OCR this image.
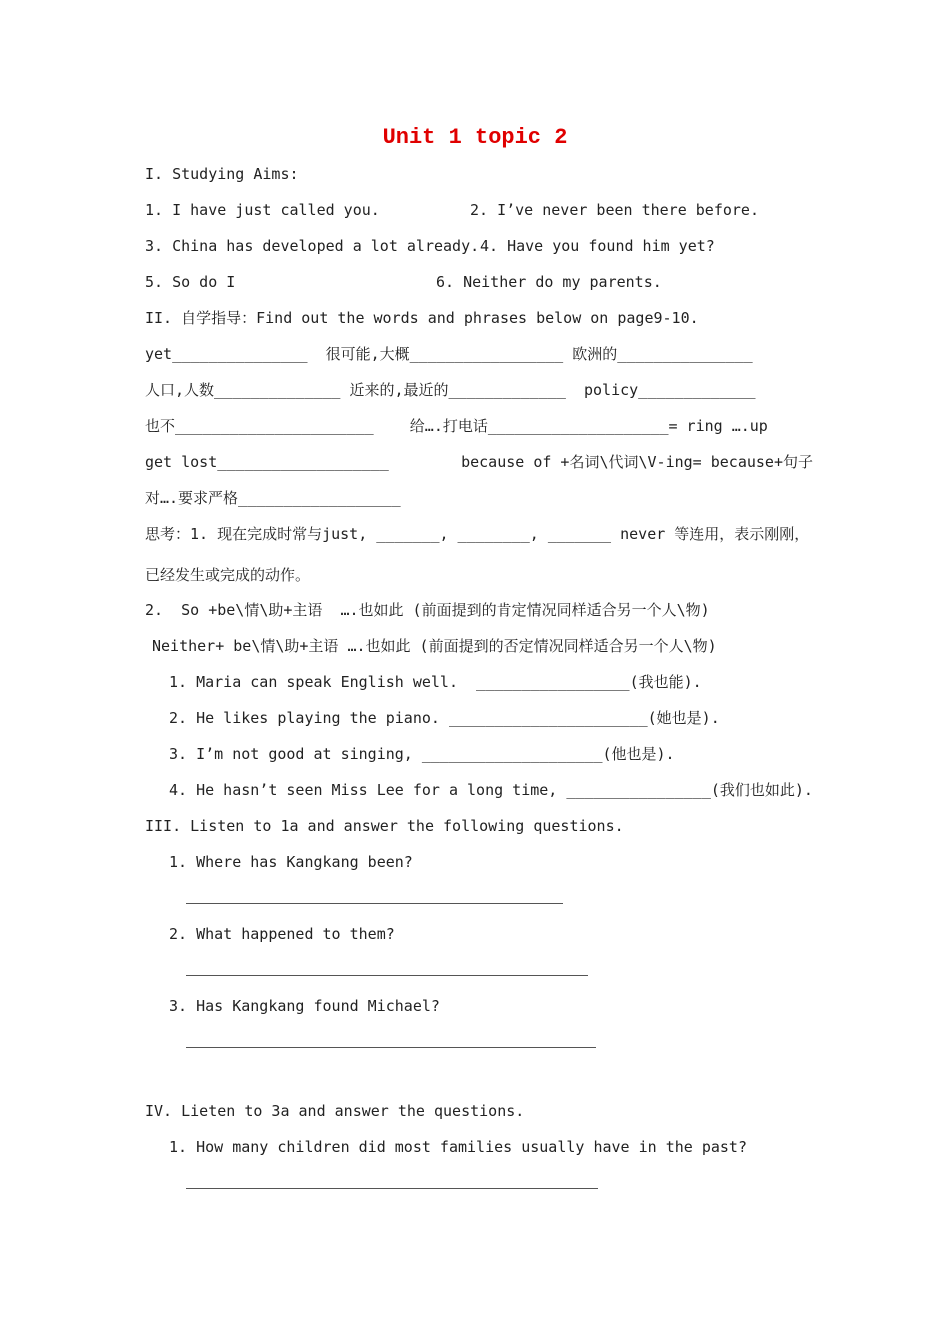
Unit 1 topic 2
I. Studying Aims:
1. I have just called you.	2. I’ve never been there before.
3. China has developed a lot already. 4. Have you found him yet?
5. So do I	6. Neither do my parents.
II. 自学指导：Find out the words and phrases below on page9-10.
yet_______________  很可能,大概_________________ 欧洲的_______________
人口,人数______________ 近来的,最近的_____________  policy_____________
也不______________________    给….打电话____________________= ring ….up
get lost___________________        because of +名词\代词\V-ing= because+句子
对….要求严格__________________
思考：1. 现在完成时常与just, _______, ________, _______ never 等连用，表示刚刚，
已经发生或完成的动作。
2.  So +be\情\助+主语  ….也如此 (前面提到的肯定情况同样适合另一个人\物)
Neither+ be\情\助+主语 ….也如此 (前面提到的否定情况同样适合另一个人\物)
1. Maria can speak English well.  _________________(我也能).
2. He likes playing the piano. ______________________(她也是).
3. I’m not good at singing, ____________________(他也是).
4. He hasn’t seen Miss Lee for a long time, ________________(我们也如此).
III. Listen to 1a and answer the following questions.
1. Where has Kangkang been?
2. What happened to them?
3. Has Kangkang found Michael?
IV. Lieten to 3a and answer the questions.
1. How many children did most families usually have in the past?
